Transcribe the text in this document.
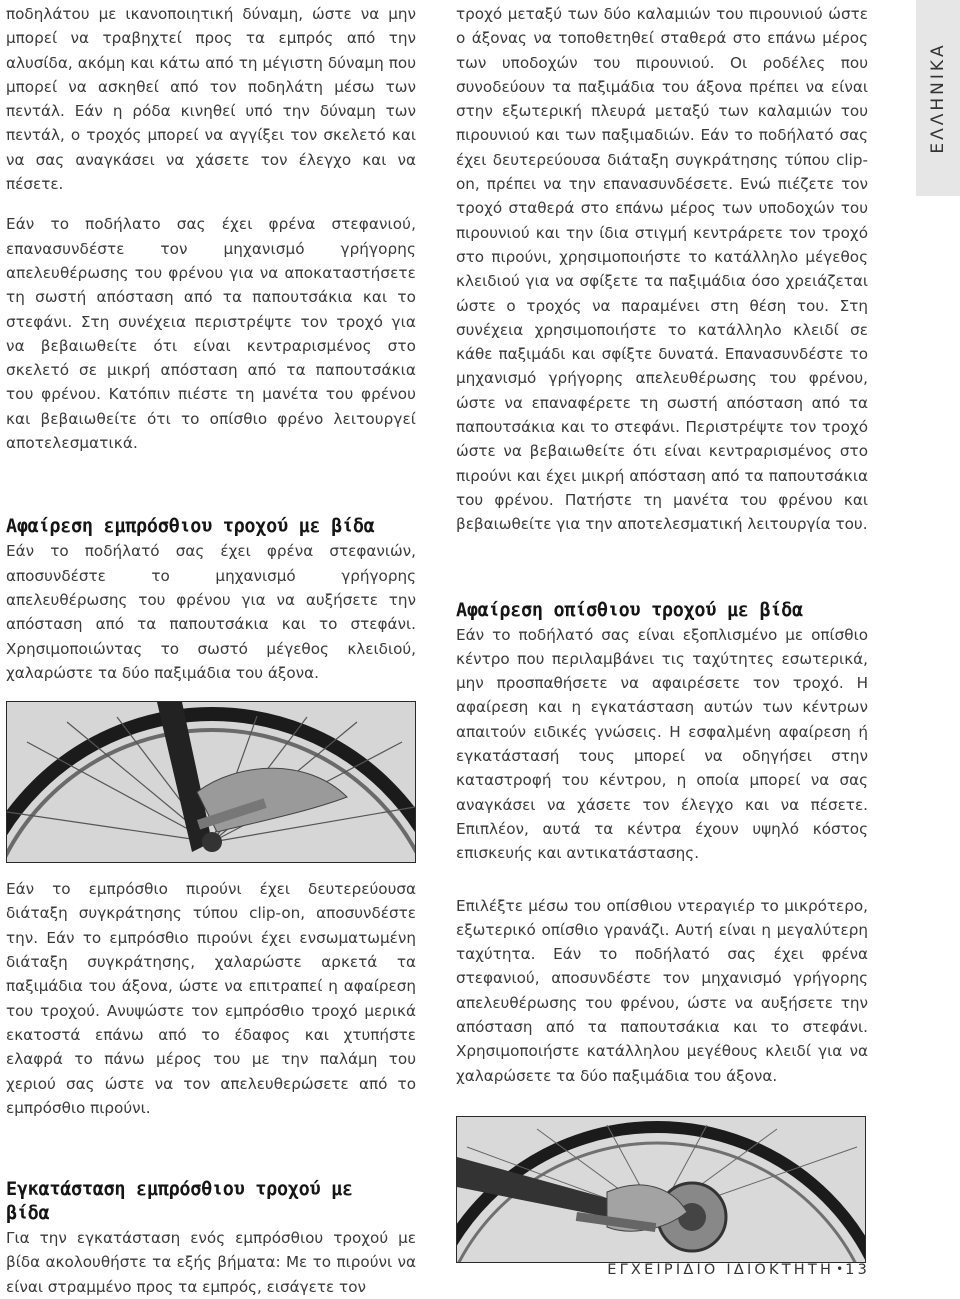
ΕΛΛΗΝΙΚΑ

ποδηλάτου με ικανοποιητική δύναμη, ώστε να μην μπορεί να τραβηχτεί προς τα εμπρός από την αλυσίδα, ακόμη και κάτω από τη μέγιστη δύναμη που μπορεί να ασκηθεί από τον ποδηλάτη μέσω των πεντάλ. Εάν η ρόδα κινηθεί υπό την δύναμη των πεντάλ, ο τροχός μπορεί να αγγίξει τον σκελετό και να σας αναγκάσει να χάσετε τον έλεγχο και να πέσετε.

Εάν το ποδήλατο σας έχει φρένα στεφανιού, επανασυνδέστε τον μηχανισμό γρήγορης απελευθέρωσης του φρένου για να αποκαταστήσετε τη σωστή απόσταση από τα παπουτσάκια και το στεφάνι. Στη συνέχεια περιστρέψτε τον τροχό για να βεβαιωθείτε ότι είναι κεντραρισμένος στο σκελετό σε μικρή απόσταση από τα παπουτσάκια του φρένου. Κατόπιν πιέστε τη μανέτα του φρένου και βεβαιωθείτε ότι το οπίσθιο φρένο λειτουργεί αποτελεσματικά.

Αφαίρεση εμπρόσθιου τροχού με βίδα

Εάν το ποδήλατό σας έχει φρένα στεφανιών, αποσυνδέστε το μηχανισμό γρήγορης απελευθέρωσης του φρένου για να αυξήσετε την απόσταση από τα παπουτσάκια και το στεφάνι. Χρησιμοποιώντας το σωστό μέγεθος κλειδιού, χαλαρώστε τα δύο παξιμάδια του άξονα.

Εάν το εμπρόσθιο πιρούνι έχει δευτερεύουσα διάταξη συγκράτησης τύπου clip-on, αποσυνδέστε την. Εάν το εμπρόσθιο πιρούνι έχει ενσωματωμένη διάταξη συγκράτησης, χαλαρώστε αρκετά τα παξιμάδια του άξονα, ώστε να επιτραπεί η αφαίρεση του τροχού. Ανυψώστε τον εμπρόσθιο τροχό μερικά εκατοστά επάνω από το έδαφος και χτυπήστε ελαφρά το πάνω μέρος του με την παλάμη του χεριού σας ώστε να τον απελευθερώσετε από το εμπρόσθιο πιρούνι.

Εγκατάσταση εμπρόσθιου τροχού με βίδα

Για την εγκατάσταση ενός εμπρόσθιου τροχού με βίδα ακολουθήστε τα εξής βήματα: Με το πιρούνι να είναι στραμμένο προς τα εμπρός, εισάγετε τον

τροχό μεταξύ των δύο καλαμιών του πιρουνιού ώστε ο άξονας να τοποθετηθεί σταθερά στο επάνω μέρος των υποδοχών του πιρουνιού. Οι ροδέλες που συνοδεύουν τα παξιμάδια του άξονα πρέπει να είναι στην εξωτερική πλευρά μεταξύ των καλαμιών του πιρουνιού και των παξιμαδιών. Εάν το ποδήλατό σας έχει δευτερεύουσα διάταξη συγκράτησης τύπου clip-on, πρέπει να την επανασυνδέσετε. Ενώ πιέζετε τον τροχό σταθερά στο επάνω μέρος των υποδοχών του πιρουνιού και την ίδια στιγμή κεντράρετε τον τροχό στο πιρούνι, χρησιμοποιήστε το κατάλληλο μέγεθος κλειδιού για να σφίξετε τα παξιμάδια όσο χρειάζεται ώστε ο τροχός να παραμένει στη θέση του. Στη συνέχεια χρησιμοποιήστε το κατάλληλο κλειδί σε κάθε παξιμάδι και σφίξτε δυνατά. Επανασυνδέστε το μηχανισμό γρήγορης απελευθέρωσης του φρένου, ώστε να επαναφέρετε τη σωστή απόσταση από τα παπουτσάκια και το στεφάνι. Περιστρέψτε τον τροχό ώστε να βεβαιωθείτε ότι είναι κεντραρισμένος στο πιρούνι και έχει μικρή απόσταση από τα παπουτσάκια του φρένου. Πατήστε τη μανέτα του φρένου και βεβαιωθείτε για την αποτελεσματική λειτουργία του.

Αφαίρεση οπίσθιου τροχού με βίδα

Εάν το ποδήλατό σας είναι εξοπλισμένο με οπίσθιο κέντρο που περιλαμβάνει τις ταχύτητες εσωτερικά, μην προσπαθήσετε να αφαιρέσετε τον τροχό. Η αφαίρεση και η εγκατάσταση αυτών των κέντρων απαιτούν ειδικές γνώσεις. Η εσφαλμένη αφαίρεση ή εγκατάστασή τους μπορεί να οδηγήσει στην καταστροφή του κέντρου, η οποία μπορεί να σας αναγκάσει να χάσετε τον έλεγχο και να πέσετε. Επιπλέον, αυτά τα κέντρα έχουν υψηλό κόστος επισκευής και αντικατάστασης.

Επιλέξτε μέσω του οπίσθιου ντεραγιέρ το μικρότερο, εξωτερικό οπίσθιο γρανάζι. Αυτή είναι η μεγαλύτερη ταχύτητα. Εάν το ποδήλατό σας έχει φρένα στεφανιού, αποσυνδέστε τον μηχανισμό γρήγορης απελευθέρωσης του φρένου, ώστε να αυξήσετε την απόσταση από τα παπουτσάκια και το στεφάνι. Χρησιμοποιήστε κατάλληλου μεγέθους κλειδί για να χαλαρώσετε τα δύο παξιμάδια του άξονα.

ΕΓΧΕΙΡΙΔΙΟ ΙΔΙΟΚΤΗΤΗ • 13
